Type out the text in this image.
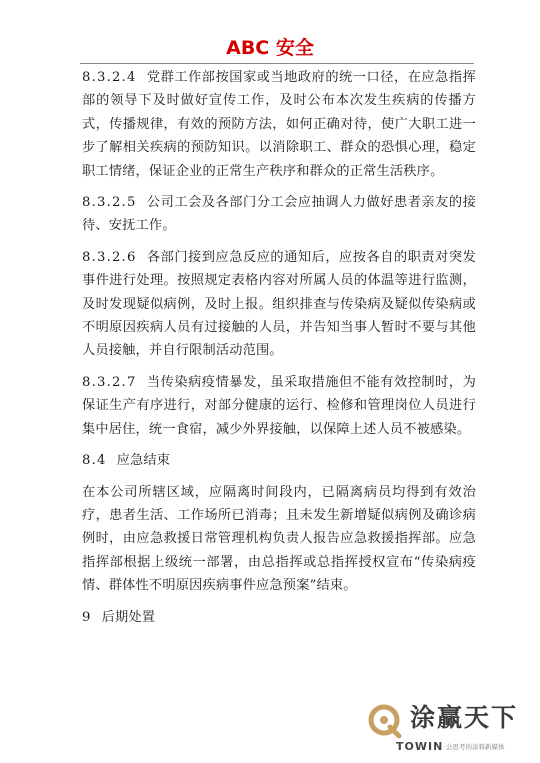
ABC 安全

8.3.2.4 党群工作部按国家或当地政府的统一口径，在应急指挥部的领导下及时做好宣传工作，及时公布本次发生疾病的传播方式，传播规律，有效的预防方法，如何正确对待，使广大职工进一步了解相关疾病的预防知识。以消除职工、群众的恐惧心理，稳定职工情绪，保证企业的正常生产秩序和群众的正常生活秩序。

8.3.2.5 公司工会及各部门分工会应抽调人力做好患者亲友的接待、安抚工作。

8.3.2.6 各部门接到应急反应的通知后，应按各自的职责对突发事件进行处理。按照规定表格内容对所属人员的体温等进行监测，及时发现疑似病例，及时上报。组织排查与传染病及疑似传染病或不明原因疾病人员有过接触的人员，并告知当事人暂时不要与其他人员接触，并自行限制活动范围。

8.3.2.7 当传染病疫情暴发，虽采取措施但不能有效控制时，为保证生产有序进行，对部分健康的运行、检修和管理岗位人员进行集中居住，统一食宿，减少外界接触，以保障上述人员不被感染。

8.4 应急结束

在本公司所辖区域，应隔离时间段内，已隔离病员均得到有效治疗，患者生活、工作场所已消毒；且未发生新增疑似病例及确诊病例时，由应急救援日常管理机构负责人报告应急救援指挥部。应急指挥部根据上级统一部署，由总指挥或总指挥授权宣布“传染病疫情、群体性不明原因疾病事件应急预案”结束。

9 后期处置

涂赢天下
TOWIN 会思考的涂料新媒体
